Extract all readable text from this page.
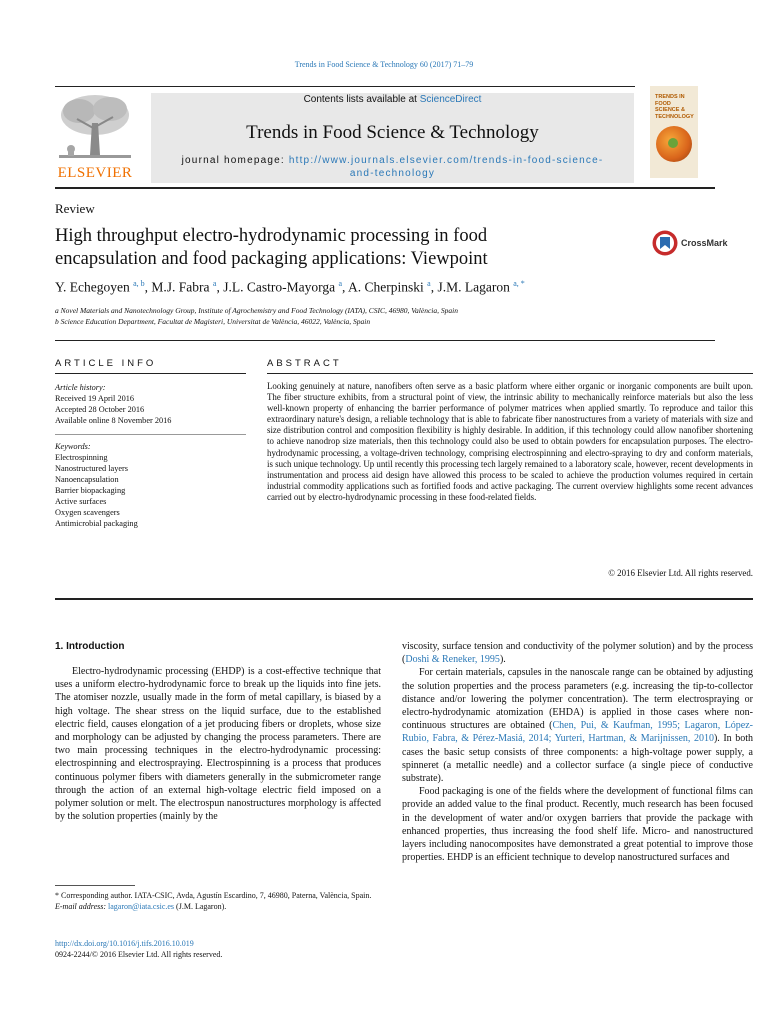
Trends in Food Science & Technology 60 (2017) 71–79
ELSEVIER
Contents lists available at ScienceDirect
Trends in Food Science & Technology
journal homepage: http://www.journals.elsevier.com/trends-in-food-science-
and-technology
TRENDS IN FOOD SCIENCE & TECHNOLOGY
Review
High throughput electro-hydrodynamic processing in food
encapsulation and food packaging applications: Viewpoint
CrossMark
Y. Echegoyen $^{a, b}$, M.J. Fabra $^a$, J.L. Castro-Mayorga $^a$, A. Cherpinski $^a$, J.M. Lagaron $^{a, *}$
a Novel Materials and Nanotechnology Group, Institute of Agrochemistry and Food Technology (IATA), CSIC, 46980, València, Spain
b Science Education Department, Facultat de Magisteri, Universitat de València, 46022, València, Spain
ARTICLE INFO
Article history:
Received 19 April 2016
Accepted 28 October 2016
Available online 8 November 2016
Keywords:
Electrospinning
Nanostructured layers
Nanoencapsulation
Barrier biopackaging
Active surfaces
Oxygen scavengers
Antimicrobial packaging
ABSTRACT
Looking genuinely at nature, nanofibers often serve as a basic platform where either organic or inorganic components are built upon. The fiber structure exhibits, from a structural point of view, the intrinsic ability to mechanically reinforce materials but also the less well-known property of enhancing the barrier performance of polymer matrices when applied smartly. To reproduce and tailor this extraordinary nature's design, a reliable technology that is able to fabricate fiber nanostructures from a variety of materials with size and size distribution control and composition flexibility is highly desirable. In addition, if this technology could allow nanofiber shortening to achieve nanodrop size materials, then this technology could also be used to obtain powders for encapsulation purposes. The electro-hydrodynamic processing, a voltage-driven technology, comprising electrospinning and electro-spraying to dry and conform materials, is such unique technology. Up until recently this processing tech largely remained to a laboratory scale, however, recent developments in instrumentation and process aid design have allowed this process to be scaled to achieve the production volumes required in certain industrial commodity applications such as fortified foods and active packaging. The current overview highlights some recent advances carried out by electro-hydrodynamic processing in these food-related fields.
© 2016 Elsevier Ltd. All rights reserved.
1. Introduction

Electro-hydrodynamic processing (EHDP) is a cost-effective technique that uses a uniform electro-hydrodynamic force to break up the liquids into fine jets. The atomiser nozzle, usually made in the form of metal capillary, is biased by a high voltage. The shear stress on the liquid surface, due to the established electric field, causes elongation of a jet producing fibers or droplets, whose size and morphology can be adjusted by changing the process parameters. There are two main processing techniques in the electro-hydrodynamic processing: electrospinning and electrospraying. Electrospinning is a process that produces continuous polymer fibers with diameters generally in the submicrometer range through the action of an external high-voltage electric field imposed on a polymer solution or melt. The electrospun nanostructures morphology is affected by the solution properties (mainly by the

viscosity, surface tension and conductivity of the polymer solution) and by the process (Doshi & Reneker, 1995).

For certain materials, capsules in the nanoscale range can be obtained by adjusting the solution properties and the process parameters (e.g. increasing the tip-to-collector distance and/or lowering the polymer concentration). The term electrospraying or electro-hydrodynamic atomization (EHDA) is applied in those cases where non-continuous structures are obtained (Chen, Pui, & Kaufman, 1995; Lagaron, López-Rubio, Fabra, & Pérez-Masiá, 2014; Yurteri, Hartman, & Marijnissen, 2010). In both cases the basic setup consists of three components: a high-voltage power supply, a spinneret (a metallic needle) and a collector surface (a single piece of conductive substrate).

Food packaging is one of the fields where the development of functional films can provide an added value to the final product. Recently, much research has been focused in the development of water and/or oxygen barriers that provide the package with enhanced properties, thus increasing the food shelf life. Micro- and nanostructured layers including nanocomposites have demonstrated a great potential to improve those properties. EHDP is an efficient technique to develop nanostructured surfaces and

* Corresponding author. IATA-CSIC, Avda, Agustín Escardino, 7, 46980, Paterna, València, Spain.
E-mail address: lagaron@iata.csic.es (J.M. Lagaron).
http://dx.doi.org/10.1016/j.tifs.2016.10.019
0924-2244/© 2016 Elsevier Ltd. All rights reserved.
